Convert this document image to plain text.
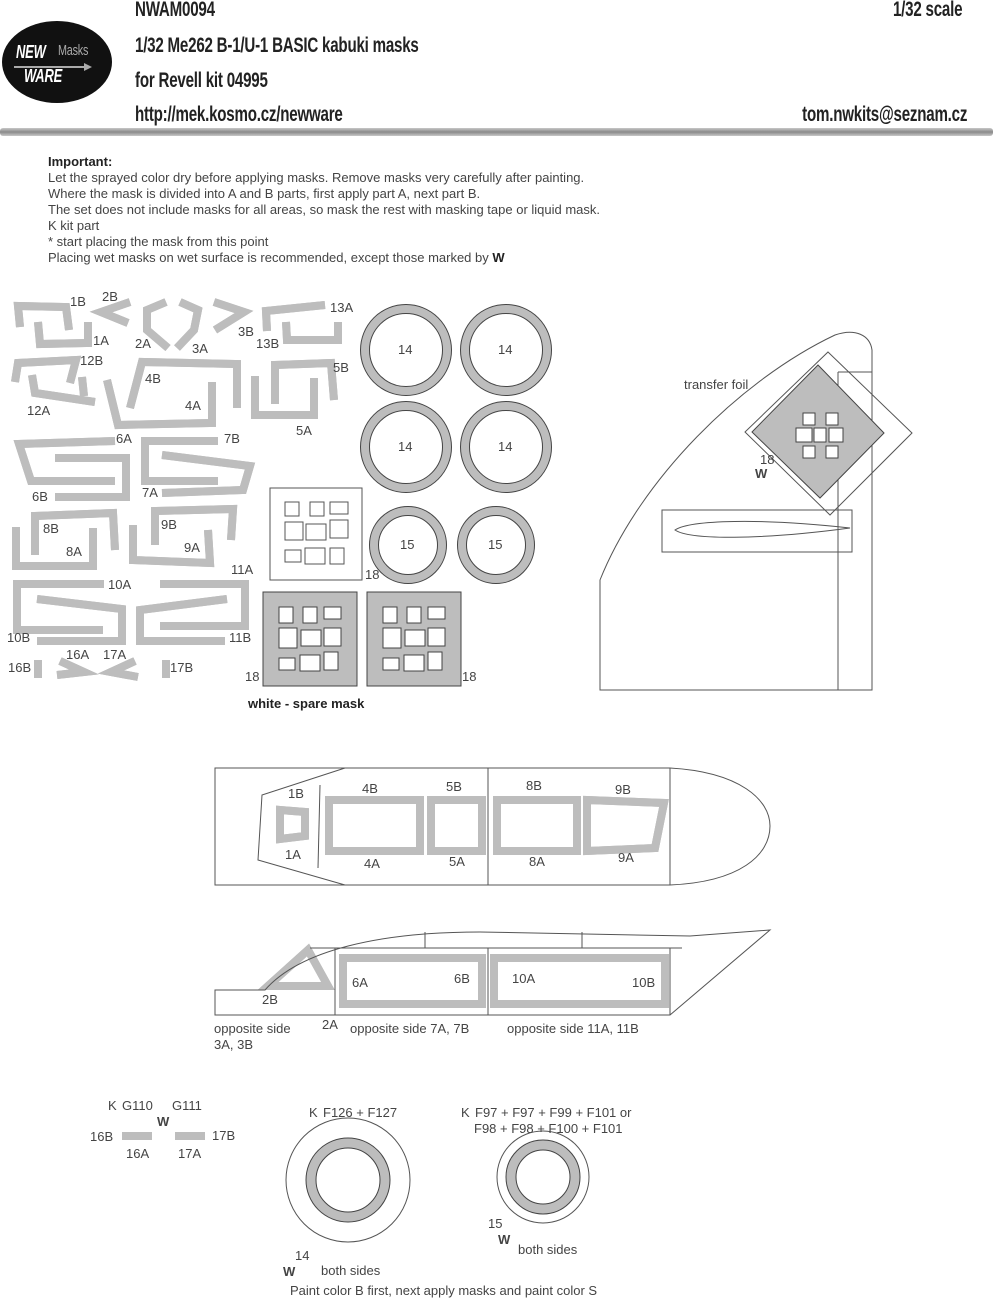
NEW Masks
WARE
NWAM0094	1/32 scale
1/32 Me262 B-1/U-1 BASIC kabuki masks
for Revell kit 04995
http://mek.kosmo.cz/newware	tom.nwkits@seznam.cz
Important:
Let the sprayed color dry before applying masks. Remove masks very carefully after painting.
Where the mask is divided into A and B parts, first apply part A, next part B.
The set does not include masks for all areas, so mask the rest with masking tape or liquid mask.
K kit part
* start placing the mask from this point
Placing wet masks on wet surface is recommended, except those marked by W
1B
1A
2B
2A	3A
3B
13A
13B
12B
12A
4B
4A
5B
5A
6A
6B
7B
7A
8B
8A
9B
9A
10A
10B
11A
11B
16B
16A 17A
17B
14	14
14	14
15	15
18
18	18
white - spare mask
transfer foil
18
W
1B
1A
4B
4A
5B
5A
8B
8A
9B
9A
2B
2A
6A	6B	10A	10B
opposite side
3A, 3B
opposite side 7A, 7B	opposite side 11A, 11B
K G110 G111
W
16B
16A 17A
17B
K F126 + F127
14
W both sides
K F97 + F97 + F99 + F101 or
F98 + F98 + F100 + F101
15
W
both sides
Paint color B first, next apply masks and paint color S
